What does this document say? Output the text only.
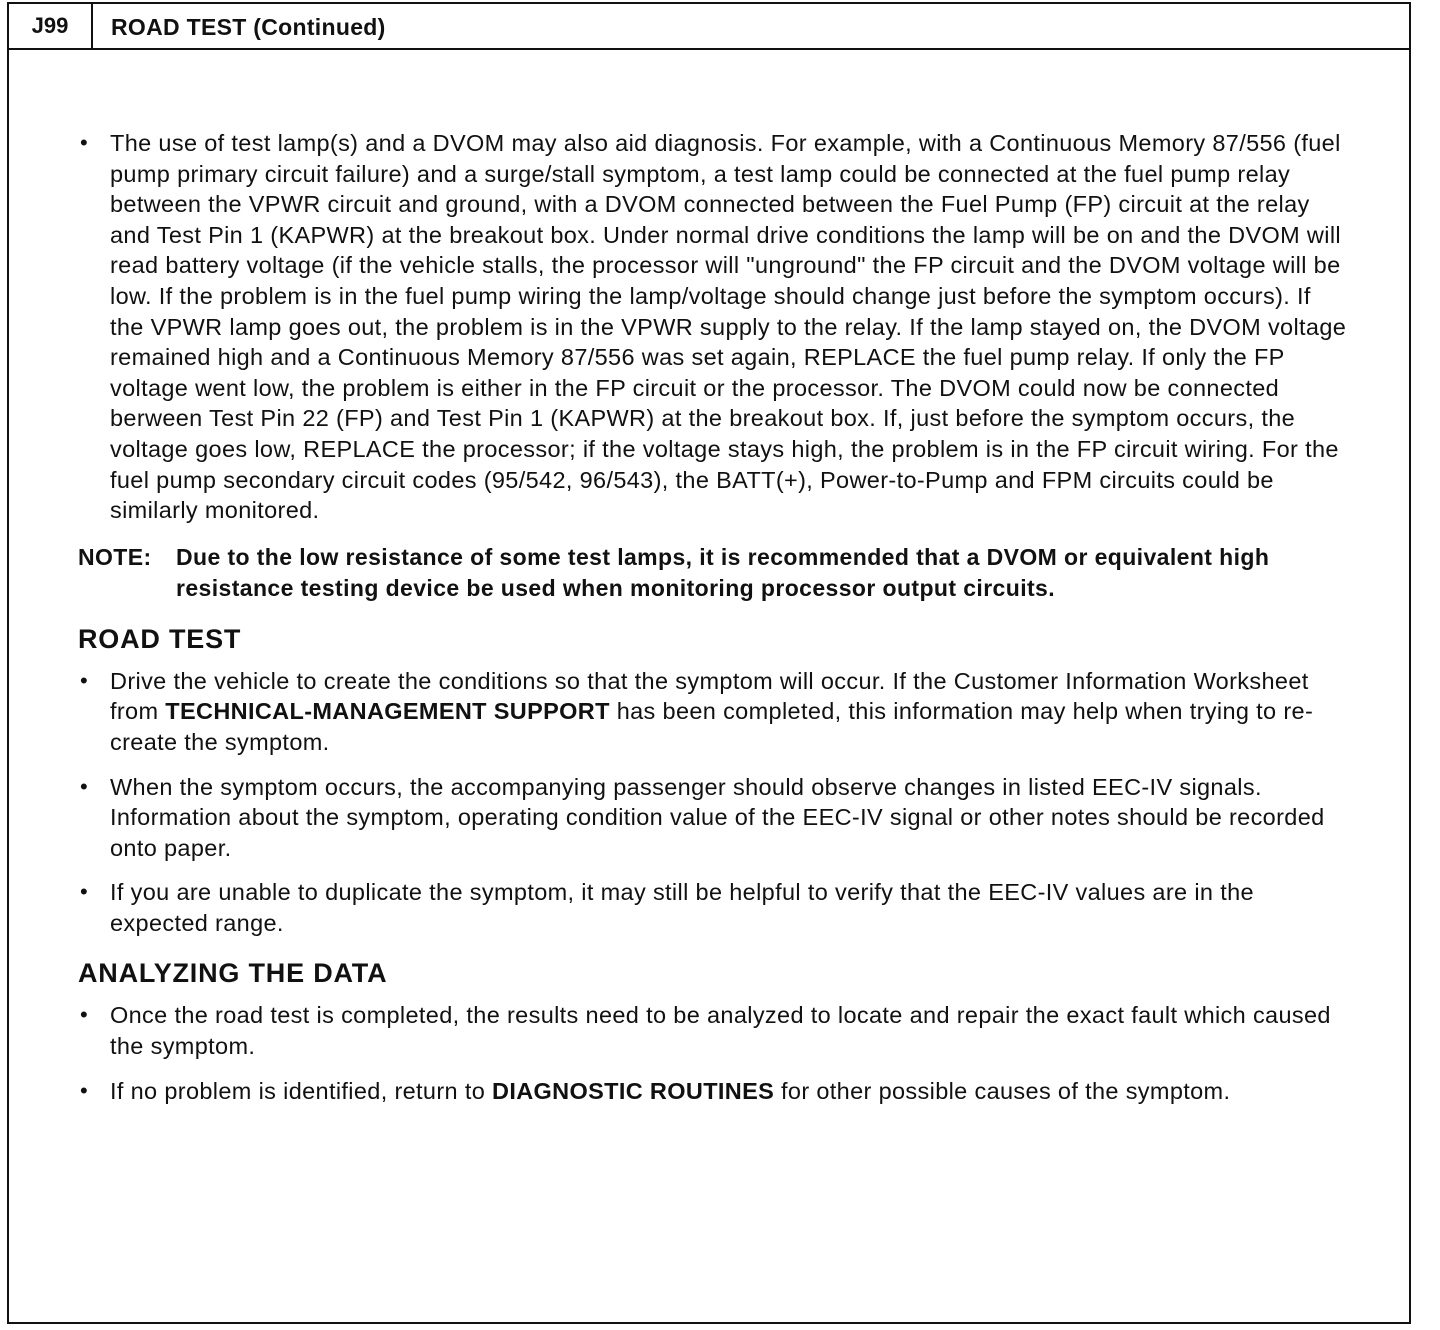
J99	ROAD TEST (Continued)

• The use of test lamp(s) and a DVOM may also aid diagnosis. For example, with a Continuous Memory 87/556 (fuel pump primary circuit failure) and a surge/stall symptom, a test lamp could be connected at the fuel pump relay between the VPWR circuit and ground, with a DVOM connected between the Fuel Pump (FP) circuit at the relay and Test Pin 1 (KAPWR) at the breakout box. Under normal drive conditions the lamp will be on and the DVOM will read battery voltage (if the vehicle stalls, the processor will "unground" the FP circuit and the DVOM voltage will be low. If the problem is in the fuel pump wiring the lamp/voltage should change just before the symptom occurs). If the VPWR lamp goes out, the problem is in the VPWR supply to the relay. If the lamp stayed on, the DVOM voltage remained high and a Continuous Memory 87/556 was set again, REPLACE the fuel pump relay. If only the FP voltage went low, the problem is either in the FP circuit or the processor. The DVOM could now be connected berween Test Pin 22 (FP) and Test Pin 1 (KAPWR) at the breakout box. If, just before the symptom occurs, the voltage goes low, REPLACE the processor; if the voltage stays high, the problem is in the FP circuit wiring. For the fuel pump secondary circuit codes (95/542, 96/543), the BATT(+), Power-to-Pump and FPM circuits could be similarly monitored.

NOTE:	Due to the low resistance of some test lamps, it is recommended that a DVOM or equivalent high resistance testing device be used when monitoring processor output circuits.
ROAD TEST

• Drive the vehicle to create the conditions so that the symptom will occur. If the Customer Information Worksheet from TECHNICAL-MANAGEMENT SUPPORT has been completed, this information may help when trying to re-create the symptom.

• When the symptom occurs, the accompanying passenger should observe changes in listed EEC-IV signals. Information about the symptom, operating condition value of the EEC-IV signal or other notes should be recorded onto paper.

• If you are unable to duplicate the symptom, it may still be helpful to verify that the EEC-IV values are in the expected range.

ANALYZING THE DATA

• Once the road test is completed, the results need to be analyzed to locate and repair the exact fault which caused the symptom.

• If no problem is identified, return to DIAGNOSTIC ROUTINES for other possible causes of the symptom.
